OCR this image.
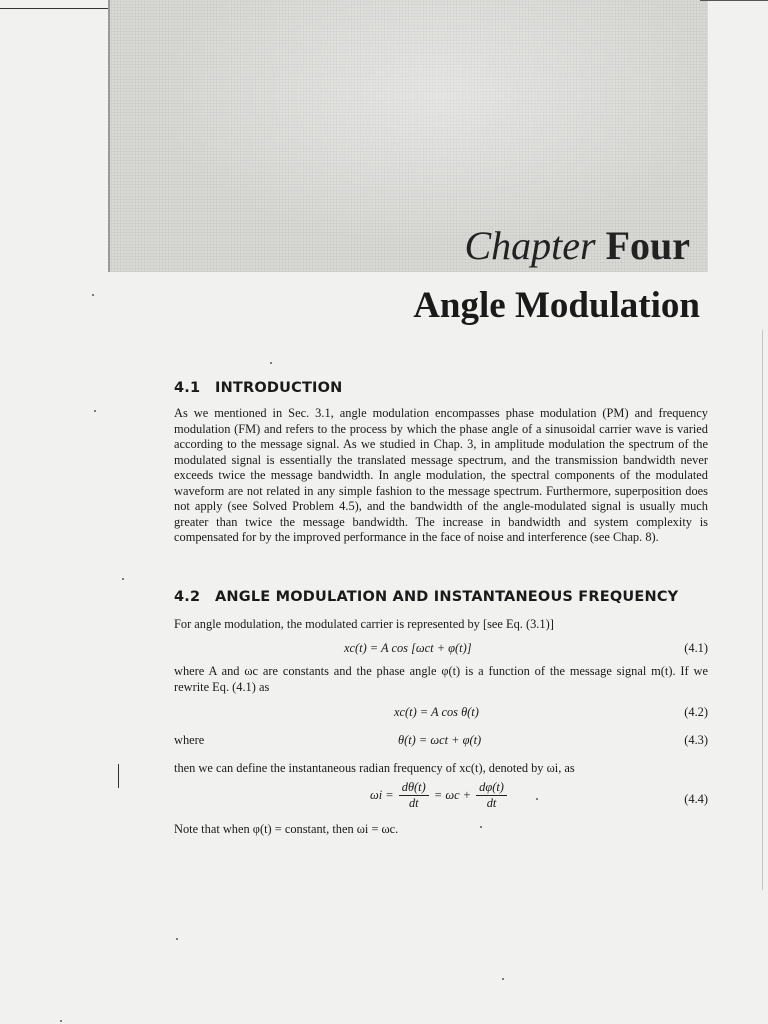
Chapter Four
Angle Modulation
4.1 INTRODUCTION
As we mentioned in Sec. 3.1, angle modulation encompasses phase modulation (PM) and frequency modulation (FM) and refers to the process by which the phase angle of a sinusoidal carrier wave is varied according to the message signal. As we studied in Chap. 3, in amplitude modulation the spectrum of the modulated signal is essentially the translated message spectrum, and the transmission bandwidth never exceeds twice the message bandwidth. In angle modulation, the spectral components of the modulated waveform are not related in any simple fashion to the message spectrum. Furthermore, superposition does not apply (see Solved Problem 4.5), and the bandwidth of the angle-modulated signal is usually much greater than twice the message bandwidth. The increase in bandwidth and system complexity is compensated for by the improved performance in the face of noise and interference (see Chap. 8).
4.2 ANGLE MODULATION AND INSTANTANEOUS FREQUENCY
For angle modulation, the modulated carrier is represented by [see Eq. (3.1)]
xc(t) = A cos [ωct + φ(t)]	(4.1)
where A and ωc are constants and the phase angle φ(t) is a function of the message signal m(t). If we rewrite Eq. (4.1) as
xc(t) = A cos θ(t)	(4.2)
where	θ(t) = ωct + φ(t)	(4.3)
then we can define the instantaneous radian frequency of xc(t), denoted by ωi, as
$\omega i = \frac{d\theta(t)}{dt} = \omega c + \frac{d\varphi(t)}{dt}$	(4.4)
Note that when φ(t) = constant, then ωi = ωc.
